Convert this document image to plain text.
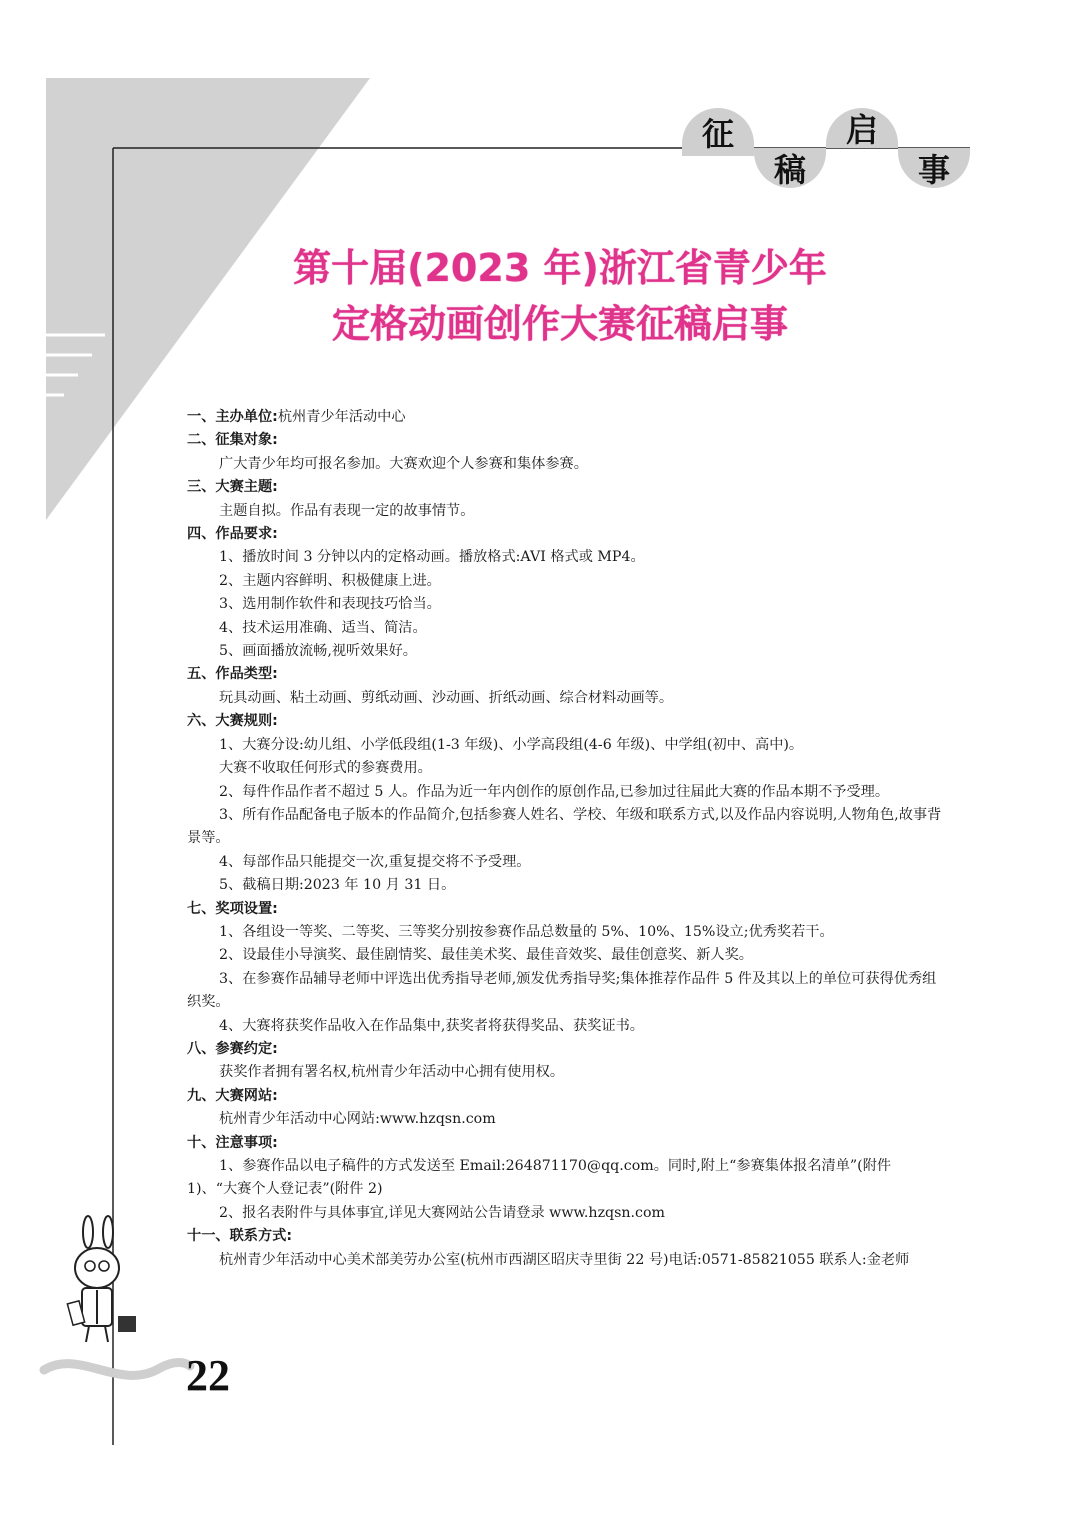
征
稿
启
事
第十届(2023 年)浙江省青少年
定格动画创作大赛征稿启事
一、主办单位:杭州青少年活动中心
二、征集对象:
广大青少年均可报名参加。大赛欢迎个人参赛和集体参赛。
三、大赛主题:
主题自拟。作品有表现一定的故事情节。
四、作品要求:
1、播放时间 3 分钟以内的定格动画。播放格式:AVI 格式或 MP4。
2、主题内容鲜明、积极健康上进。
3、选用制作软件和表现技巧恰当。
4、技术运用准确、适当、简洁。
5、画面播放流畅,视听效果好。
五、作品类型:
玩具动画、粘土动画、剪纸动画、沙动画、折纸动画、综合材料动画等。
六、大赛规则:
1、大赛分设:幼儿组、小学低段组(1-3 年级)、小学高段组(4-6 年级)、中学组(初中、高中)。
大赛不收取任何形式的参赛费用。
2、每件作品作者不超过 5 人。作品为近一年内创作的原创作品,已参加过往届此大赛的作品本期不予受理。
3、所有作品配备电子版本的作品简介,包括参赛人姓名、学校、年级和联系方式,以及作品内容说明,人物角色,故事背景等。
4、每部作品只能提交一次,重复提交将不予受理。
5、截稿日期:2023 年 10 月 31 日。
七、奖项设置:
1、各组设一等奖、二等奖、三等奖分别按参赛作品总数量的 5%、10%、15%设立;优秀奖若干。
2、设最佳小导演奖、最佳剧情奖、最佳美术奖、最佳音效奖、最佳创意奖、新人奖。
3、在参赛作品辅导老师中评选出优秀指导老师,颁发优秀指导奖;集体推荐作品件 5 件及其以上的单位可获得优秀组织奖。
4、大赛将获奖作品收入在作品集中,获奖者将获得奖品、获奖证书。
八、参赛约定:
获奖作者拥有署名权,杭州青少年活动中心拥有使用权。
九、大赛网站:
杭州青少年活动中心网站:www.hzqsn.com
十、注意事项:
1、参赛作品以电子稿件的方式发送至 Email:264871170@qq.com。同时,附上“参赛集体报名清单”(附件 1)、“大赛个人登记表”(附件 2)
2、报名表附件与具体事宜,详见大赛网站公告请登录 www.hzqsn.com
十一、联系方式:
杭州青少年活动中心美术部美劳办公室(杭州市西湖区昭庆寺里街 22 号)电话:0571-85821055 联系人:金老师
22
